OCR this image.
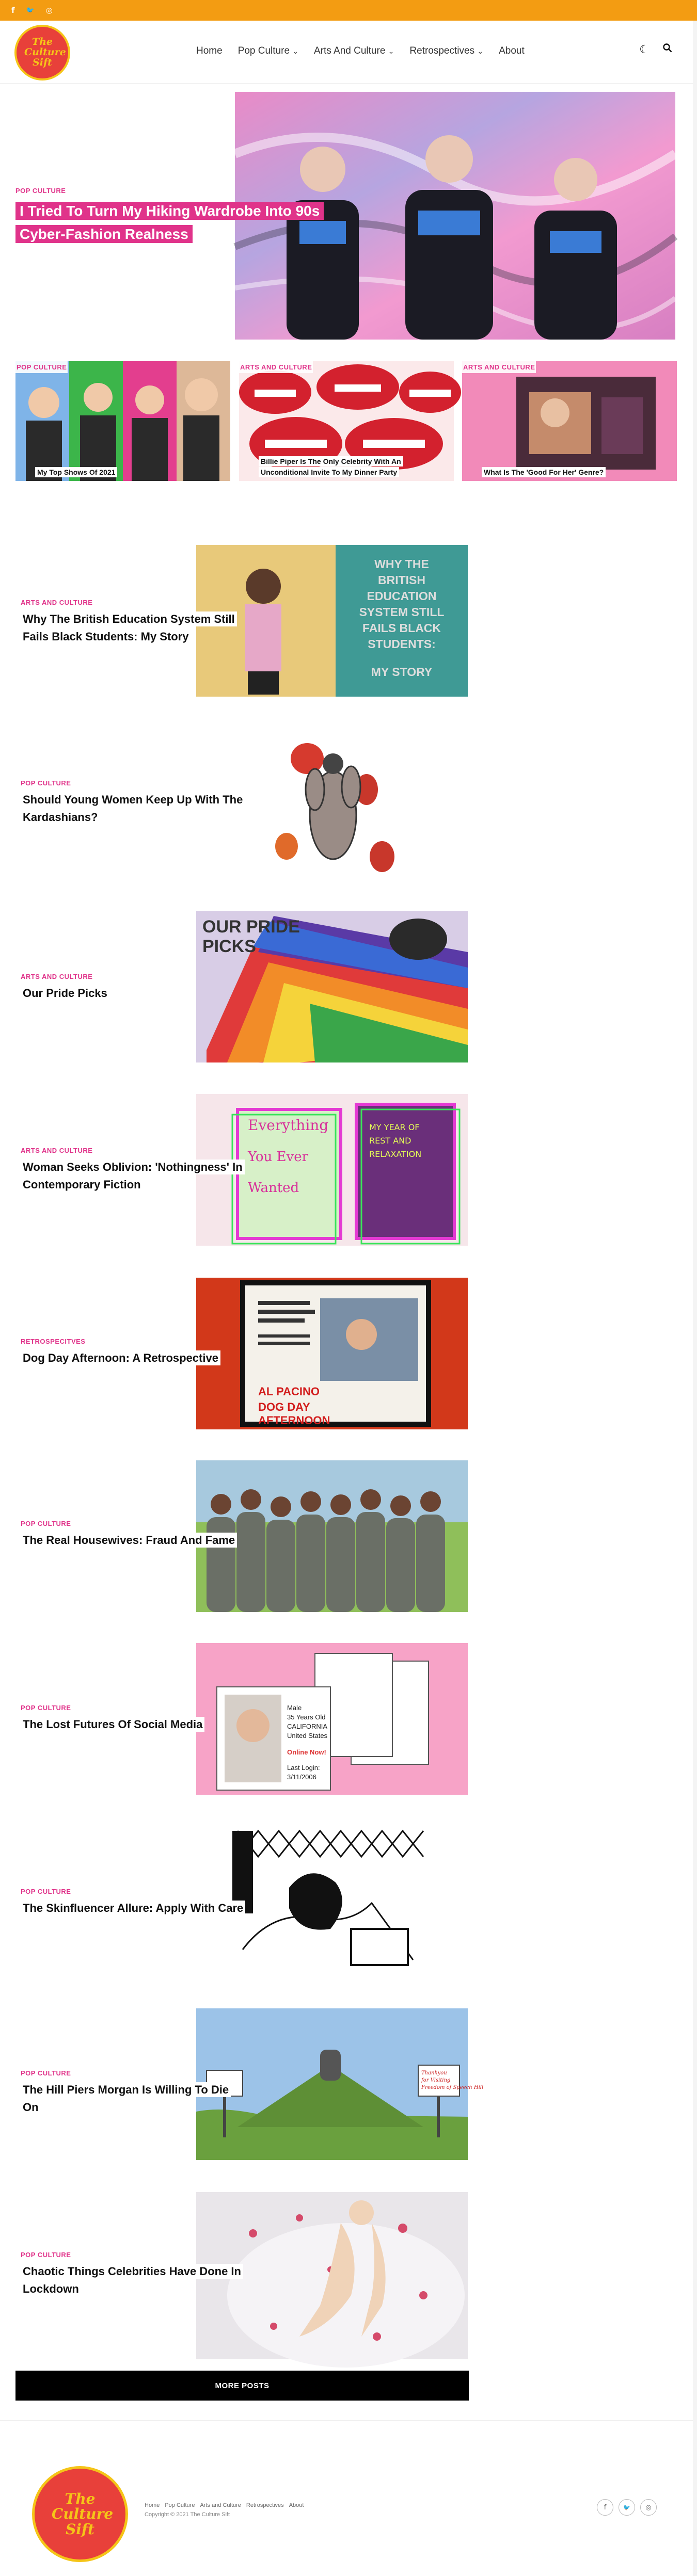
f 🐦 ◎
The Culture Sift
Home Pop Culture ⌄ Arts And Culture ⌄ Retrospectives ⌄ About	☾
POP CULTURE
I Tried To Turn My Hiking Wardrobe Into 90s Cyber-Fashion Realness
POP CULTURE
My Top Shows Of 2021
ARTS AND CULTURE
Billie Piper Is The Only Celebrity With An Unconditional Invite To My Dinner Party
ARTS AND CULTURE
What Is The 'Good For Her' Genre?
WHY THE
BRITISH
EDUCATION
SYSTEM STILL
FAILS BLACK
STUDENTS:
MY STORY
ARTS AND CULTURE
Why The British Education System Still Fails Black Students: My Story
POP CULTURE
Should Young Women Keep Up With The Kardashians?
OUR PRIDE
PICKS
ARTS AND CULTURE
Our Pride Picks
Everything
You Ever
Wanted
MY YEAR OF
REST AND
RELAXATION
ARTS AND CULTURE
Woman Seeks Oblivion: 'Nothingness' In Contemporary Fiction
AL PACINO
DOG DAY
AFTERNOON
RETROSPECITVES
Dog Day Afternoon: A Retrospective
POP CULTURE
The Real Housewives: Fraud And Fame
Male
35 Years Old
CALIFORNIA
United States
Online Now!
Last Login:
3/11/2006
POP CULTURE
The Lost Futures Of Social Media
POP CULTURE
The Skinfluencer Allure: Apply With Care
Thankyou
for Visiting
Freedom of Speech Hill
POP CULTURE
The Hill Piers Morgan Is Willing To Die On
POP CULTURE
Chaotic Things Celebrities Have Done In Lockdown
MORE POSTS
The Culture Sift
Home Pop Culture Arts and Culture Retrospectives About
Copyright © 2021 The Culture Sift
f	🐦	◎
